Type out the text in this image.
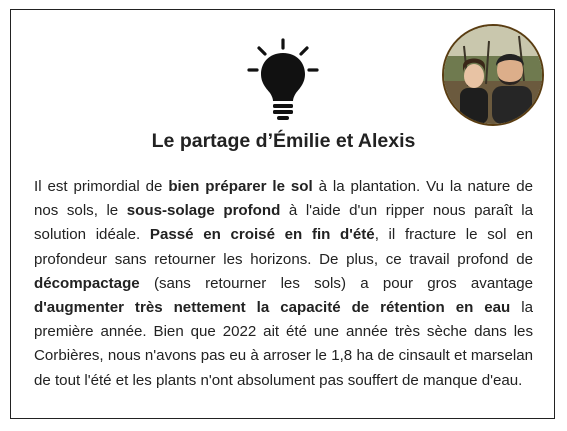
Le partage d’Émilie et Alexis
Il est primordial de bien préparer le sol à la plantation. Vu la nature de nos sols, le sous-solage profond à l'aide d'un ripper nous paraît la solution idéale. Passé en croisé en fin d'été, il fracture le sol en profondeur sans retourner les horizons. De plus, ce travail profond de décompactage (sans retourner les sols) a pour gros avantage d'augmenter très nettement la capacité de rétention en eau la première année. Bien que 2022 ait été une année très sèche dans les Corbières, nous n'avons pas eu à arroser le 1,8 ha de cinsault et marselan de tout l'été et les plants n'ont absolument pas souffert de manque d'eau.
